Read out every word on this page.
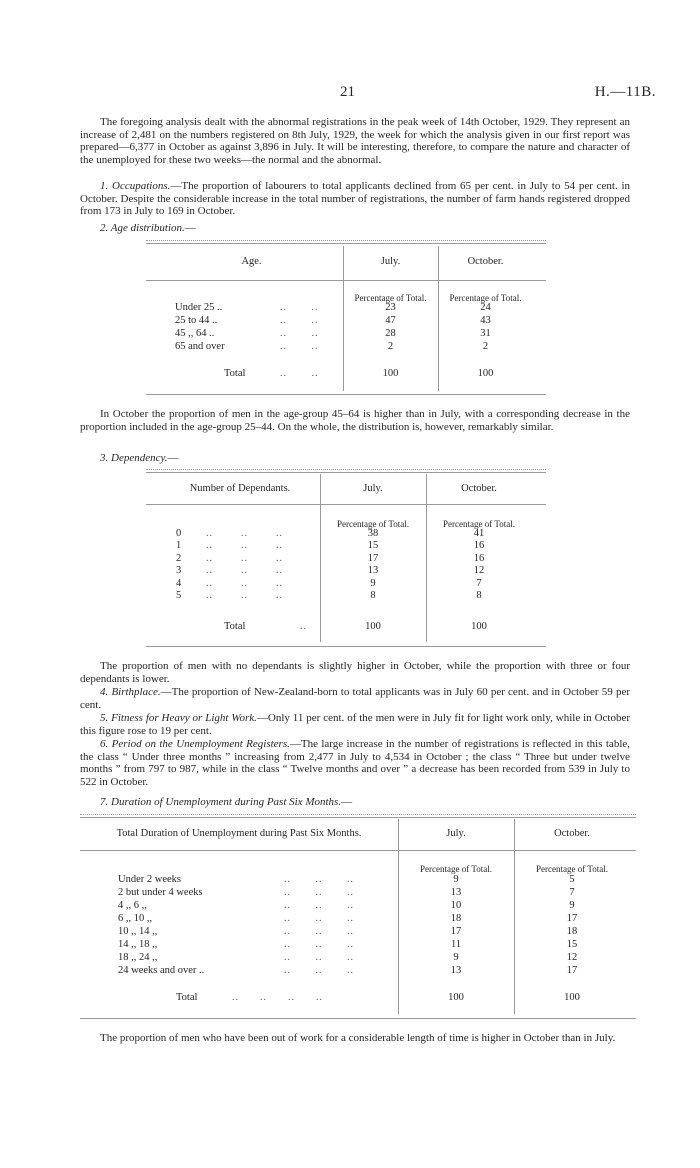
21	H.—11B.

The foregoing analysis dealt with the abnormal registrations in the peak week of 14th October, 1929. They represent an increase of 2,481 on the numbers registered on 8th July, 1929, the week for which the analysis given in our first report was prepared—6,377 in October as against 3,896 in July. It will be interesting, therefore, to compare the nature and character of the unemployed for these two weeks—the normal and the abnormal.

1. Occupations.—The proportion of labourers to total applicants declined from 65 per cent. in July to 54 per cent. in October. Despite the considerable increase in the total number of registrations, the number of farm hands registered dropped from 173 in July to 169 in October.

2. Age distribution.—
Age.	July.	October.
Percentage of Total.	Percentage of Total.
Under 25 ..	..       ..	23	24
25 to 44 ..	..       ..	47	43
45 ,, 64 ..	..       ..	28	31
65 and over	..       ..	2	2
Total	..       ..	100	100

In October the proportion of men in the age-group 45–64 is higher than in July, with a corresponding decrease in the proportion included in the age-group 25–44. On the whole, the distribution is, however, remarkably similar.

3. Dependency.—
Number of Dependants.	July.	October.
Percentage of Total.	Percentage of Total.
0 ..        ..        ..	38	41
1 ..        ..        ..	15	16
2 ..        ..        ..	17	16
3 ..        ..        ..	13	12
4 ..        ..        ..	9	7
5 ..        ..        ..	8	8
Total	..	100	100

The proportion of men with no dependants is slightly higher in October, while the proportion with three or four dependants is lower.

4. Birthplace.—The proportion of New-Zealand-born to total applicants was in July 60 per cent. and in October 59 per cent.

5. Fitness for Heavy or Light Work.—Only 11 per cent. of the men were in July fit for light work only, while in October this figure rose to 19 per cent.

6. Period on the Unemployment Registers.—The large increase in the number of registrations is reflected in this table, the class “ Under three months ” increasing from 2,477 in July to 4,534 in October ; the class “ Three but under twelve months ” from 797 to 987, while in the class “ Twelve months and over ” a decrease has been recorded from 539 in July to 522 in October.

7. Duration of Unemployment during Past Six Months.—
Total Duration of Unemployment during Past Six Months.	July.	October.
Percentage of Total.	Percentage of Total.
Under 2 weeks	..       ..       ..	9	5
2 but under 4 weeks	..       ..       ..	13	7
4 ,, 6 ,,	..       ..       ..	10	9
6 ,, 10 ,,	..       ..       ..	18	17
10 ,, 14 ,,	..       ..       ..	17	18
14 ,, 18 ,,	..       ..       ..	11	15
18 ,, 24 ,,	..       ..       ..	9	12
24 weeks and over ..	..       ..       ..	13	17
Total	..      ..      ..      ..	100	100

The proportion of men who have been out of work for a considerable length of time is higher in October than in July.
